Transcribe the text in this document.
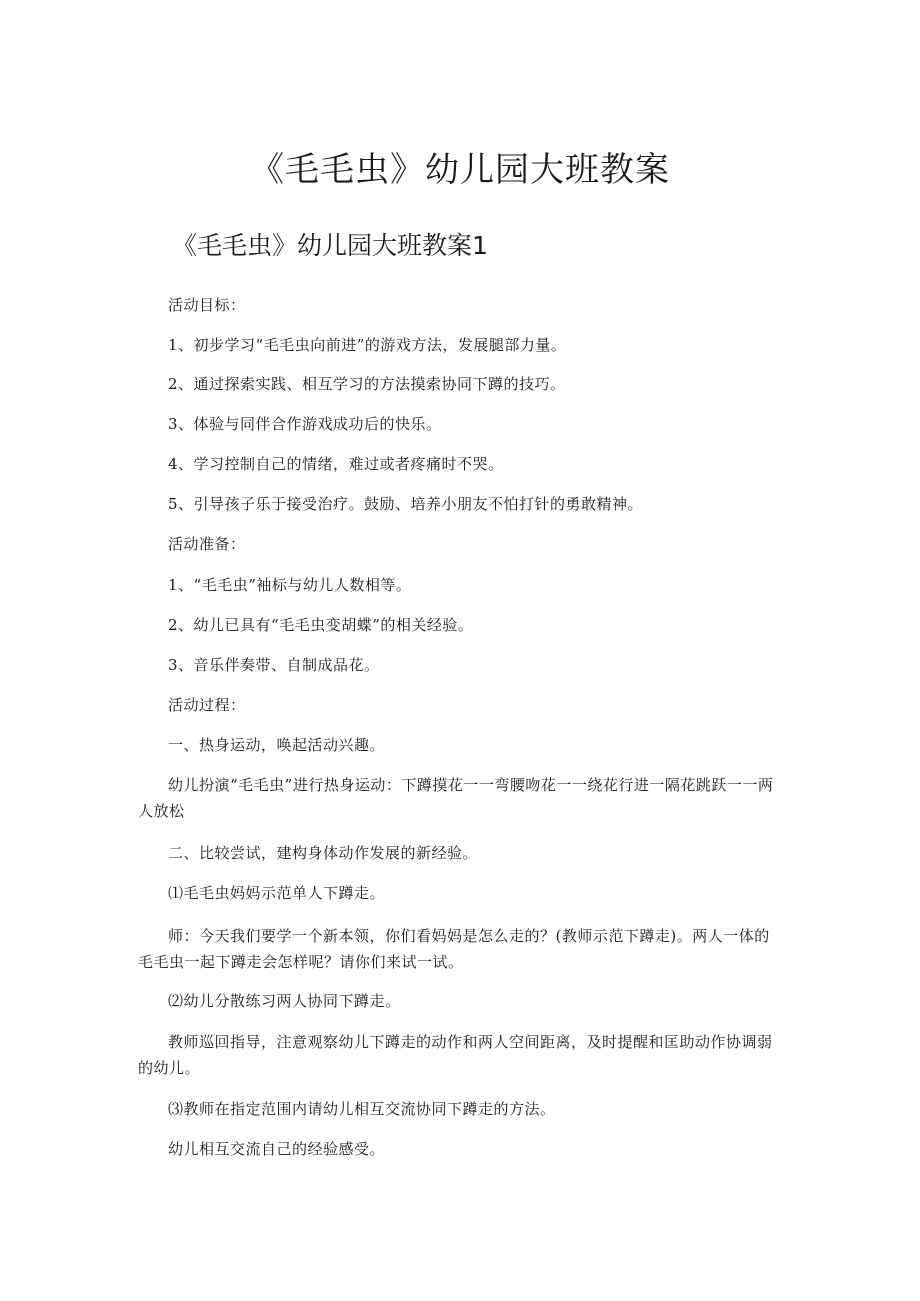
《毛毛虫》幼儿园大班教案
《毛毛虫》幼儿园大班教案1

活动目标：

1、初步学习“毛毛虫向前进”的游戏方法，发展腿部力量。

2、通过探索实践、相互学习的方法摸索协同下蹲的技巧。

3、体验与同伴合作游戏成功后的快乐。

4、学习控制自己的情绪，难过或者疼痛时不哭。

5、引导孩子乐于接受治疗。鼓励、培养小朋友不怕打针的勇敢精神。

活动准备：

1、“毛毛虫”袖标与幼儿人数相等。

2、幼儿已具有“毛毛虫变胡蝶”的相关经验。

3、音乐伴奏带、自制成品花。

活动过程：

一、热身运动，唤起活动兴趣。

幼儿扮演“毛毛虫”进行热身运动：下蹲摸花一一弯腰吻花一一绕花行进一隔花跳跃一一两人放松

二、比较尝试，建构身体动作发展的新经验。

⑴毛毛虫妈妈示范单人下蹲走。

师：今天我们要学一个新本领，你们看妈妈是怎么走的？(教师示范下蹲走)。两人一体的毛毛虫一起下蹲走会怎样呢？请你们来试一试。

⑵幼儿分散练习两人协同下蹲走。

教师巡回指导，注意观察幼儿下蹲走的动作和两人空间距离，及时提醒和匡助动作协调弱的幼儿。

⑶教师在指定范围内请幼儿相互交流协同下蹲走的方法。

幼儿相互交流自己的经验感受。
